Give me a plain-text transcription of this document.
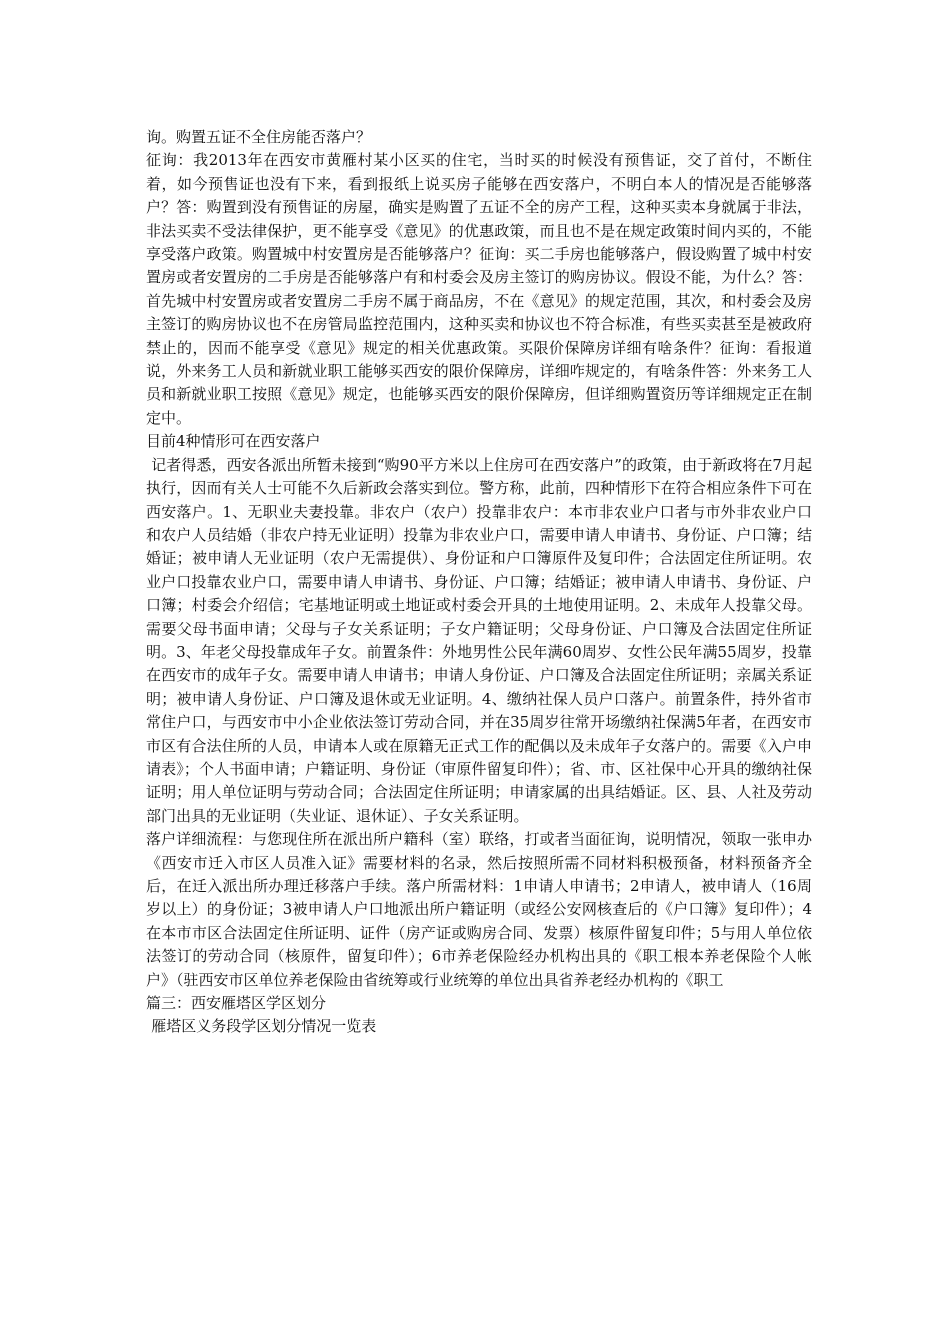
询。购置五证不全住房能否落户？

征询：我2013年在西安市黄雁村某小区买的住宅，当时买的时候没有预售证，交了首付，不断住着，如今预售证也没有下来，看到报纸上说买房子能够在西安落户，不明白本人的情况是否能够落户？答：购置到没有预售证的房屋，确实是购置了五证不全的房产工程，这种买卖本身就属于非法，非法买卖不受法律保护，更不能享受《意见》的优惠政策，而且也不是在规定政策时间内买的，不能享受落户政策。购置城中村安置房是否能够落户？征询：买二手房也能够落户，假设购置了城中村安置房或者安置房的二手房是否能够落户有和村委会及房主签订的购房协议。假设不能，为什么？答：首先城中村安置房或者安置房二手房不属于商品房，不在《意见》的规定范围，其次，和村委会及房主签订的购房协议也不在房管局监控范围内，这种买卖和协议也不符合标准，有些买卖甚至是被政府禁止的，因而不能享受《意见》规定的相关优惠政策。买限价保障房详细有啥条件？征询：看报道说，外来务工人员和新就业职工能够买西安的限价保障房，详细咋规定的，有啥条件答：外来务工人员和新就业职工按照《意见》规定，也能够买西安的限价保障房，但详细购置资历等详细规定正在制定中。

目前4种情形可在西安落户

记者得悉，西安各派出所暂未接到“购90平方米以上住房可在西安落户”的政策，由于新政将在7月起执行，因而有关人士可能不久后新政会落实到位。警方称，此前，四种情形下在符合相应条件下可在西安落户。1、无职业夫妻投靠。非农户（农户）投靠非农户：本市非农业户口者与市外非农业户口和农户人员结婚（非农户持无业证明）投靠为非农业户口，需要申请人申请书、身份证、户口簿；结婚证；被申请人无业证明（农户无需提供）、身份证和户口簿原件及复印件；合法固定住所证明。农业户口投靠农业户口，需要申请人申请书、身份证、户口簿；结婚证；被申请人申请书、身份证、户口簿；村委会介绍信；宅基地证明或土地证或村委会开具的土地使用证明。2、未成年人投靠父母。需要父母书面申请；父母与子女关系证明；子女户籍证明；父母身份证、户口簿及合法固定住所证明。3、年老父母投靠成年子女。前置条件：外地男性公民年满60周岁、女性公民年满55周岁，投靠在西安市的成年子女。需要申请人申请书；申请人身份证、户口簿及合法固定住所证明；亲属关系证明；被申请人身份证、户口簿及退休或无业证明。4、缴纳社保人员户口落户。前置条件，持外省市常住户口，与西安市中小企业依法签订劳动合同，并在35周岁往常开场缴纳社保满5年者，在西安市市区有合法住所的人员，申请本人或在原籍无正式工作的配偶以及未成年子女落户的。需要《入户申请表》；个人书面申请；户籍证明、身份证（审原件留复印件）；省、市、区社保中心开具的缴纳社保证明；用人单位证明与劳动合同；合法固定住所证明；申请家属的出具结婚证。区、县、人社及劳动部门出具的无业证明（失业证、退休证）、子女关系证明。

落户详细流程：与您现住所在派出所户籍科（室）联络，打或者当面征询，说明情况，领取一张申办《西安市迁入市区人员准入证》需要材料的名录，然后按照所需不同材料积极预备，材料预备齐全后，在迁入派出所办理迁移落户手续。落户所需材料：1申请人申请书；2申请人，被申请人（16周岁以上）的身份证；3被申请人户口地派出所户籍证明（或经公安网核查后的《户口簿》复印件）；4在本市市区合法固定住所证明、证件（房产证或购房合同、发票）核原件留复印件；5与用人单位依法签订的劳动合同（核原件，留复印件）；6市养老保险经办机构出具的《职工根本养老保险个人帐户》（驻西安市区单位养老保险由省统筹或行业统筹的单位出具省养老经办机构的《职工

篇三：西安雁塔区学区划分

雁塔区义务段学区划分情况一览表
